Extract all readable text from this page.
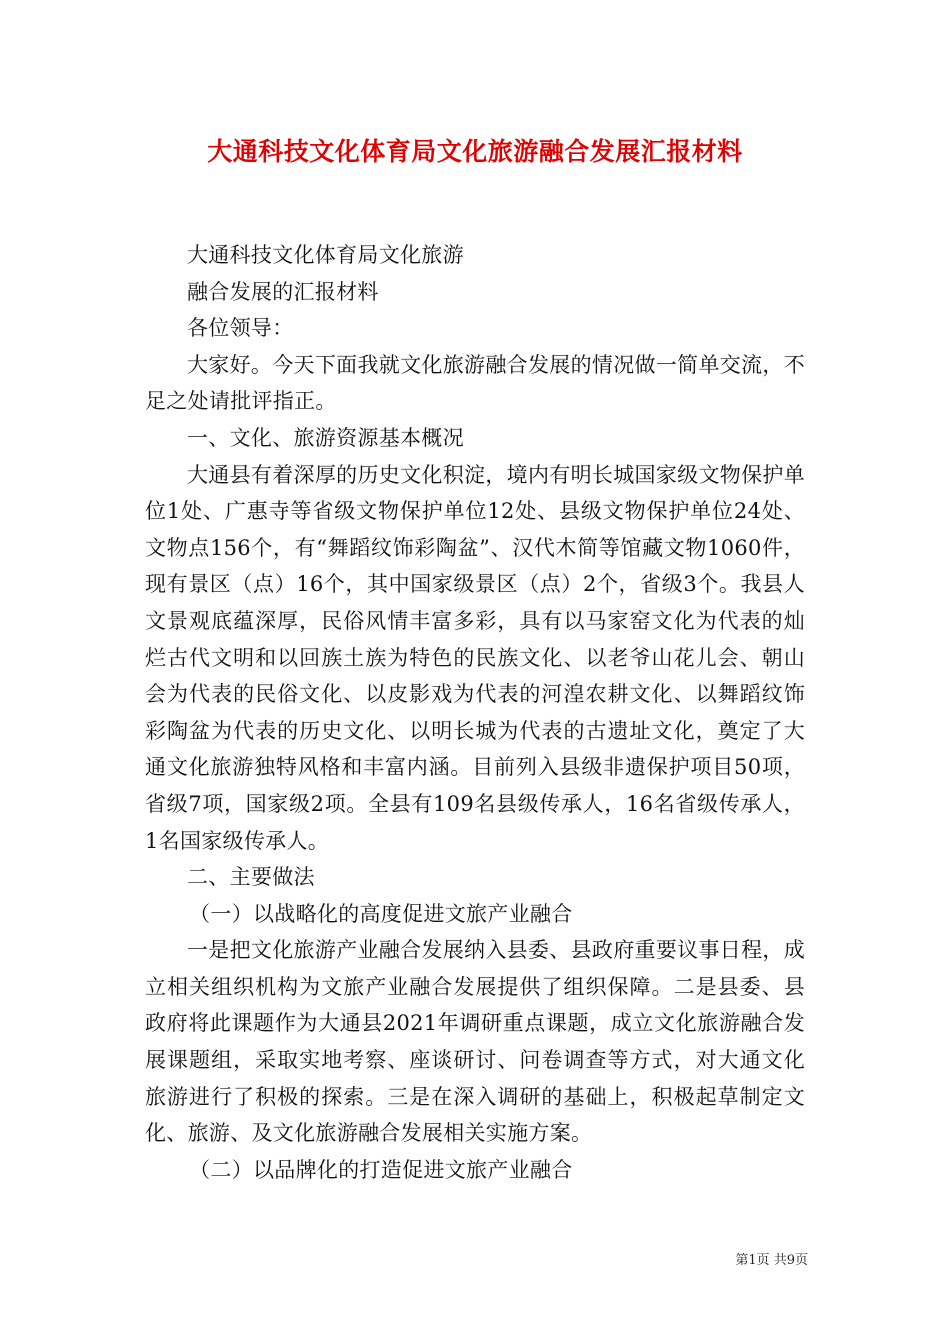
大通科技文化体育局文化旅游融合发展汇报材料

大通科技文化体育局文化旅游

融合发展的汇报材料

各位领导：

大家好。今天下面我就文化旅游融合发展的情况做一简单交流，不足之处请批评指正。

一、文化、旅游资源基本概况

大通县有着深厚的历史文化积淀，境内有明长城国家级文物保护单位1处、广惠寺等省级文物保护单位12处、县级文物保护单位24处、文物点156个，有“舞蹈纹饰彩陶盆”、汉代木简等馆藏文物1060件，现有景区（点）16个，其中国家级景区（点）2个，省级3个。我县人文景观底蕴深厚，民俗风情丰富多彩，具有以马家窑文化为代表的灿烂古代文明和以回族土族为特色的民族文化、以老爷山花儿会、朝山会为代表的民俗文化、以皮影戏为代表的河湟农耕文化、以舞蹈纹饰彩陶盆为代表的历史文化、以明长城为代表的古遗址文化，奠定了大通文化旅游独特风格和丰富内涵。目前列入县级非遗保护项目50项，省级7项，国家级2项。全县有109名县级传承人，16名省级传承人，1名国家级传承人。

二、主要做法

（一）以战略化的高度促进文旅产业融合

一是把文化旅游产业融合发展纳入县委、县政府重要议事日程，成立相关组织机构为文旅产业融合发展提供了组织保障。二是县委、县政府将此课题作为大通县2021年调研重点课题，成立文化旅游融合发展课题组，采取实地考察、座谈研讨、问卷调查等方式，对大通文化旅游进行了积极的探索。三是在深入调研的基础上，积极起草制定文化、旅游、及文化旅游融合发展相关实施方案。

（二）以品牌化的打造促进文旅产业融合

第1页 共9页
